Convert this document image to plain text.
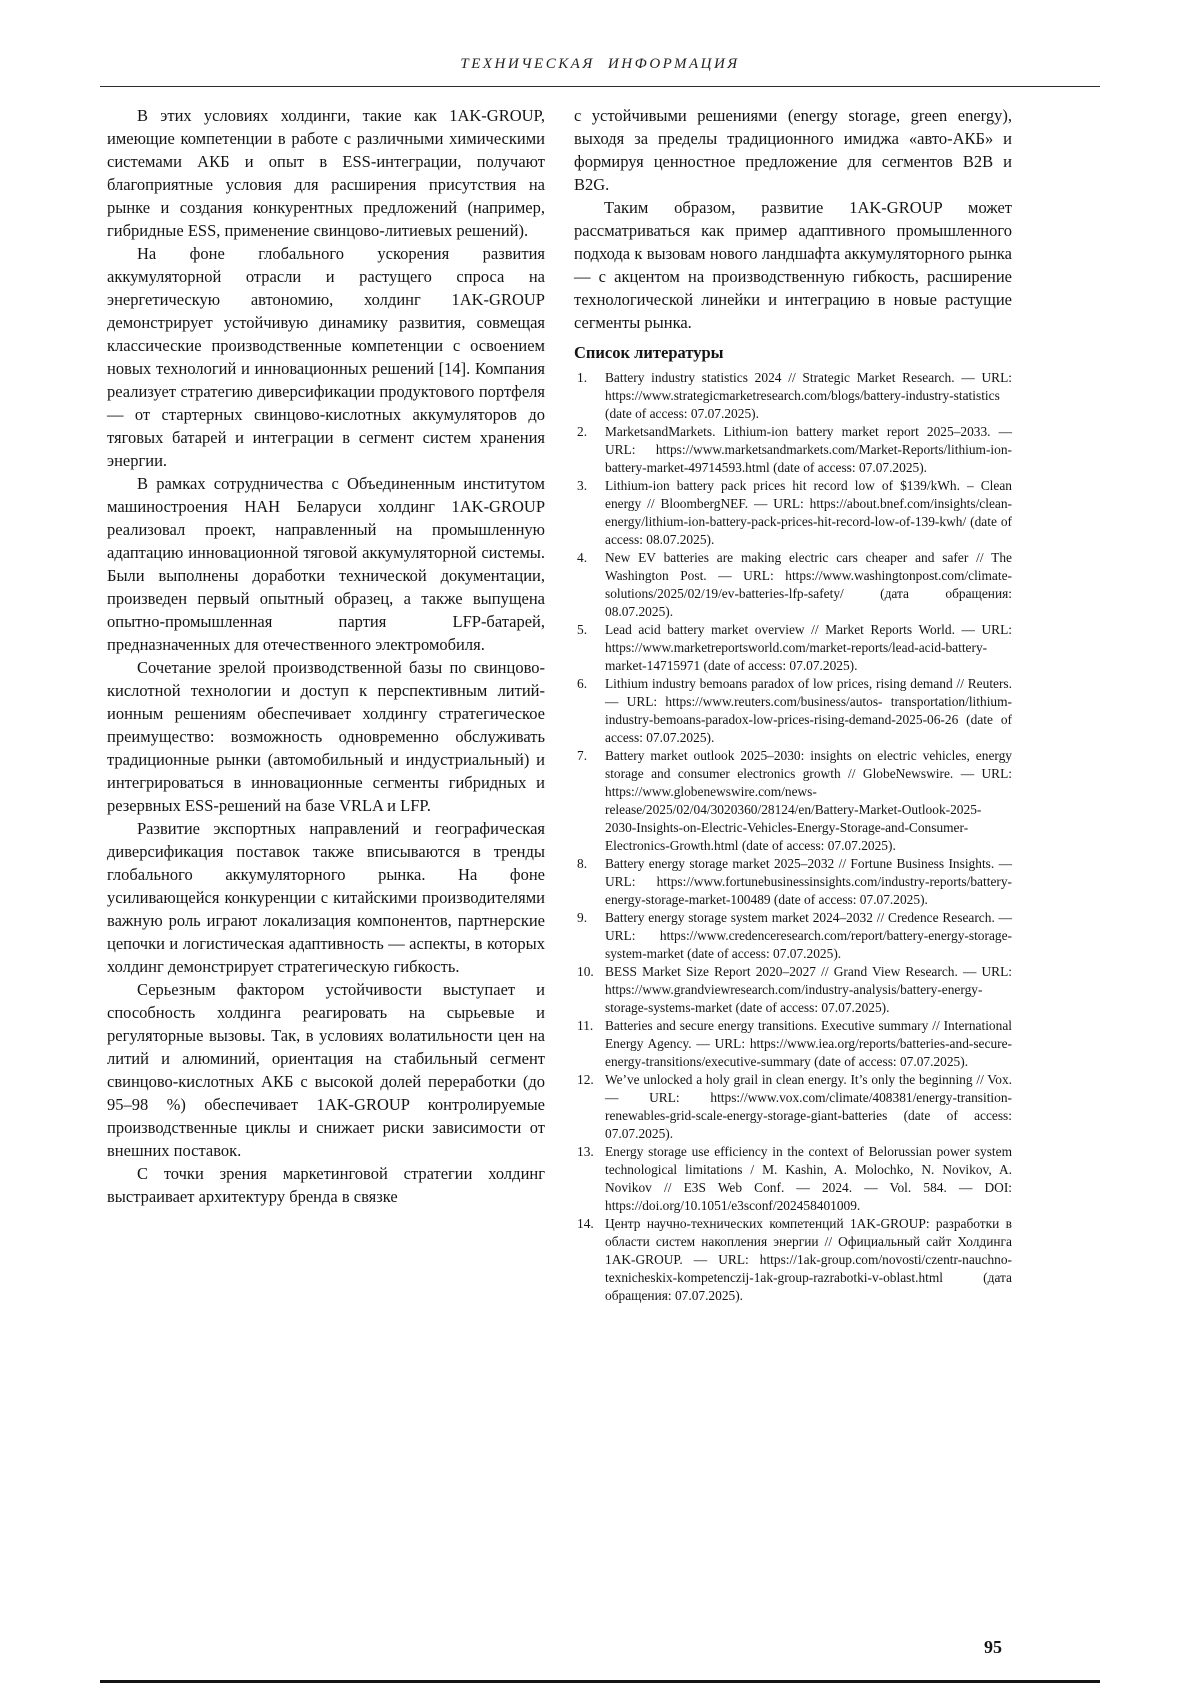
ТЕХНИЧЕСКАЯ ИНФОРМАЦИЯ

В этих условиях холдинги, такие как 1AK-GROUP, имеющие компетенции в работе с различными химическими системами АКБ и опыт в ESS-интеграции, получают благоприятные условия для расширения присутствия на рынке и создания конкурентных предложений (например, гибридные ESS, применение свинцово-литиевых решений).

На фоне глобального ускорения развития аккумуляторной отрасли и растущего спроса на энергетическую автономию, холдинг 1AK-GROUP демонстрирует устойчивую динамику развития, совмещая классические производственные компетенции с освоением новых технологий и инновационных решений [14]. Компания реализует стратегию диверсификации продуктового портфеля — от стартерных свинцово-кислотных аккумуляторов до тяговых батарей и интеграции в сегмент систем хранения энергии.

В рамках сотрудничества с Объединенным институтом машиностроения НАН Беларуси холдинг 1AK-GROUP реализовал проект, направленный на промышленную адаптацию инновационной тяговой аккумуляторной системы. Были выполнены доработки технической документации, произведен первый опытный образец, а также выпущена опытно-промышленная партия LFP-батарей, предназначенных для отечественного электромобиля.

Сочетание зрелой производственной базы по свинцово-кислотной технологии и доступ к перспективным литий-ионным решениям обеспечивает холдингу стратегическое преимущество: возможность одновременно обслуживать традиционные рынки (автомобильный и индустриальный) и интегрироваться в инновационные сегменты гибридных и резервных ESS-решений на базе VRLA и LFP.

Развитие экспортных направлений и географическая диверсификация поставок также вписываются в тренды глобального аккумуляторного рынка. На фоне усиливающейся конкуренции с китайскими производителями важную роль играют локализация компонентов, партнерские цепочки и логистическая адаптивность — аспекты, в которых холдинг демонстрирует стратегическую гибкость.

Серьезным фактором устойчивости выступает и способность холдинга реагировать на сырьевые и регуляторные вызовы. Так, в условиях волатильности цен на литий и алюминий, ориентация на стабильный сегмент свинцово-кислотных АКБ с высокой долей переработки (до 95–98 %) обеспечивает 1AK-GROUP контролируемые производственные циклы и снижает риски зависимости от внешних поставок.

С точки зрения маркетинговой стратегии холдинг выстраивает архитектуру бренда в связке

с устойчивыми решениями (energy storage, green energy), выходя за пределы традиционного имиджа «авто-АКБ» и формируя ценностное предложение для сегментов B2B и B2G.

Таким образом, развитие 1AK-GROUP может рассматриваться как пример адаптивного промышленного подхода к вызовам нового ландшафта аккумуляторного рынка — с акцентом на производственную гибкость, расширение технологической линейки и интеграцию в новые растущие сегменты рынка.

Список литературы
1. Battery industry statistics 2024 // Strategic Market Research. — URL: https://www.strategicmarketresearch.com/blogs/battery-industry-statistics (date of access: 07.07.2025).
2. MarketsandMarkets. Lithium-ion battery market report 2025–2033. — URL: https://www.marketsandmarkets.com/Market-Reports/lithium-ion-battery-market-49714593.html (date of access: 07.07.2025).
3. Lithium-ion battery pack prices hit record low of $139/kWh. – Clean energy // BloombergNEF. — URL: https://about.bnef.com/insights/clean-energy/lithium-ion-battery-pack-prices-hit-record-low-of-139-kwh/ (date of access: 08.07.2025).
4. New EV batteries are making electric cars cheaper and safer // The Washington Post. — URL: https://www.washingtonpost.com/climate-solutions/2025/02/19/ev-batteries-lfp-safety/ (дата обращения: 08.07.2025).
5. Lead acid battery market overview // Market Reports World. — URL: https://www.marketreportsworld.com/market-reports/lead-acid-battery-market-14715971 (date of access: 07.07.2025).
6. Lithium industry bemoans paradox of low prices, rising demand // Reuters. — URL: https://www.reuters.com/business/autos- transportation/lithium-industry-bemoans-paradox-low-prices-rising-demand-2025-06-26 (date of access: 07.07.2025).
7. Battery market outlook 2025–2030: insights on electric vehicles, energy storage and consumer electronics growth // GlobeNewswire. — URL: https://www.globenewswire.com/news-release/2025/02/04/3020360/28124/en/Battery-Market-Outlook-2025-2030-Insights-on-Electric-Vehicles-Energy-Storage-and-Consumer-Electronics-Growth.html (date of access: 07.07.2025).
8. Battery energy storage market 2025–2032 // Fortune Business Insights. — URL: https://www.fortunebusinessinsights.com/industry-reports/battery-energy-storage-market-100489 (date of access: 07.07.2025).
9. Battery energy storage system market 2024–2032 // Credence Research. — URL: https://www.credenceresearch.com/report/battery-energy-storage-system-market (date of access: 07.07.2025).
10. BESS Market Size Report 2020–2027 // Grand View Research. — URL: https://www.grandviewresearch.com/industry-analysis/battery-energy-storage-systems-market (date of access: 07.07.2025).
11. Batteries and secure energy transitions. Executive summary // International Energy Agency. — URL: https://www.iea.org/reports/batteries-and-secure-energy-transitions/executive-summary (date of access: 07.07.2025).
12. We’ve unlocked a holy grail in clean energy. It’s only the beginning // Vox. — URL: https://www.vox.com/climate/408381/energy-transition-renewables-grid-scale-energy-storage-giant-batteries (date of access: 07.07.2025).
13. Energy storage use efficiency in the context of Belorussian power system technological limitations / M. Kashin, A. Molochko, N. Novikov, A. Novikov // E3S Web Conf. — 2024. — Vol. 584. — DOI: https://doi.org/10.1051/e3sconf/202458401009.
14. Центр научно-технических компетенций 1AK-GROUP: разработки в области систем накопления энергии // Официальный сайт Холдинга 1AK-GROUP. — URL: https://1ak-group.com/novosti/czentr-nauchno-texnicheskix-kompetenczij-1ak-group-razrabotki-v-oblast.html (дата обращения: 07.07.2025).
95
